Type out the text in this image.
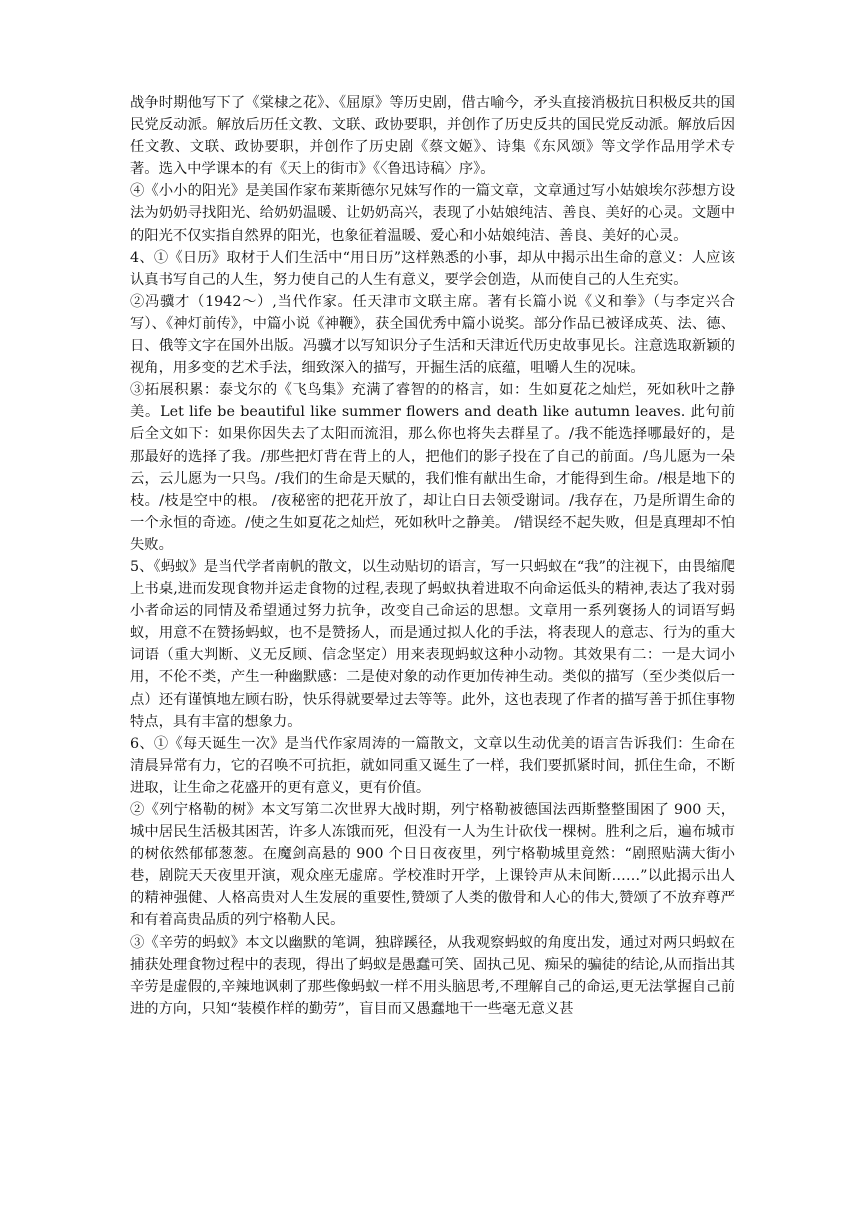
战争时期他写下了《棠棣之花》、《屈原》等历史剧，借古喻今，矛头直接消极抗日积极反共的国民党反动派。解放后历任文教、文联、政协要职，并创作了历史反共的国民党反动派。解放后因任文教、文联、政协要职，并创作了历史剧《蔡文姬》、诗集《东风颂》等文学作品用学术专著。选入中学课本的有《天上的街市》《〈鲁迅诗稿〉序》。

④《小小的阳光》是美国作家布莱斯德尔兄妹写作的一篇文章，文章通过写小姑娘埃尔莎想方设法为奶奶寻找阳光、给奶奶温暖、让奶奶高兴，表现了小姑娘纯洁、善良、美好的心灵。文题中的阳光不仅实指自然界的阳光，也象征着温暖、爱心和小姑娘纯洁、善良、美好的心灵。

4、①《日历》取材于人们生活中“用日历”这样熟悉的小事，却从中揭示出生命的意义：人应该认真书写自己的人生，努力使自己的人生有意义，要学会创造，从而使自己的人生充实。

②冯骥才（1942～）,当代作家。任天津市文联主席。著有长篇小说《义和拳》（与李定兴合写）、《神灯前传》，中篇小说《神鞭》，获全国优秀中篇小说奖。部分作品已被译成英、法、德、日、俄等文字在国外出版。冯骥才以写知识分子生活和天津近代历史故事见长。注意选取新颖的视角，用多变的艺术手法，细致深入的描写，开掘生活的底蕴，咀嚼人生的况味。

③拓展积累：泰戈尔的《飞鸟集》充满了睿智的的格言，如：生如夏花之灿烂，死如秋叶之静美。Let life be beautiful like summer flowers and death like autumn leaves. 此句前后全文如下：如果你因失去了太阳而流泪，那么你也将失去群星了。/我不能选择哪最好的，是那最好的选择了我。/那些把灯背在背上的人，把他们的影子投在了自己的前面。/鸟儿愿为一朵云，云儿愿为一只鸟。/我们的生命是天赋的，我们惟有献出生命，才能得到生命。/根是地下的枝。/枝是空中的根。 /夜秘密的把花开放了，却让白日去领受谢词。/我存在，乃是所谓生命的一个永恒的奇迹。/使之生如夏花之灿烂，死如秋叶之静美。 /错误经不起失败，但是真理却不怕失败。

5、《蚂蚁》是当代学者南帆的散文，以生动贴切的语言，写一只蚂蚁在“我”的注视下，由畏缩爬上书桌,进而发现食物并运走食物的过程,表现了蚂蚁执着进取不向命运低头的精神,表达了我对弱小者命运的同情及希望通过努力抗争，改变自己命运的思想。文章用一系列褒扬人的词语写蚂蚁，用意不在赞扬蚂蚁，也不是赞扬人，而是通过拟人化的手法，将表现人的意志、行为的重大词语（重大判断、义无反顾、信念坚定）用来表现蚂蚁这种小动物。其效果有二：一是大词小用，不伦不类，产生一种幽默感：二是使对象的动作更加传神生动。类似的描写（至少类似后一点）还有谨慎地左顾右盼，快乐得就要晕过去等等。此外，这也表现了作者的描写善于抓住事物特点，具有丰富的想象力。

6、①《每天诞生一次》是当代作家周涛的一篇散文，文章以生动优美的语言告诉我们：生命在清晨异常有力，它的召唤不可抗拒，就如同重又诞生了一样，我们要抓紧时间，抓住生命，不断进取，让生命之花盛开的更有意义，更有价值。

②《列宁格勒的树》本文写第二次世界大战时期，列宁格勒被德国法西斯整整围困了 900 天，城中居民生活极其困苦，许多人冻饿而死，但没有一人为生计砍伐一棵树。胜利之后，遍布城市的树依然郁郁葱葱。在魔剑高悬的 900 个日日夜夜里，列宁格勒城里竟然：“剧照贴满大街小巷，剧院天天夜里开演，观众座无虚席。学校准时开学，上课铃声从未间断……”以此揭示出人的精神强健、人格高贵对人生发展的重要性,赞颂了人类的傲骨和人心的伟大,赞颂了不放弃尊严和有着高贵品质的列宁格勒人民。

③《辛劳的蚂蚁》本文以幽默的笔调，独辟蹊径，从我观察蚂蚁的角度出发，通过对两只蚂蚁在捕获处理食物过程中的表现，得出了蚂蚁是愚蠢可笑、固执己见、痴呆的骗徒的结论,从而指出其辛劳是虚假的,辛辣地讽刺了那些像蚂蚁一样不用头脑思考,不理解自己的命运,更无法掌握自己前进的方向，只知“装模作样的勤劳”，盲目而又愚蠢地干一些毫无意义甚
